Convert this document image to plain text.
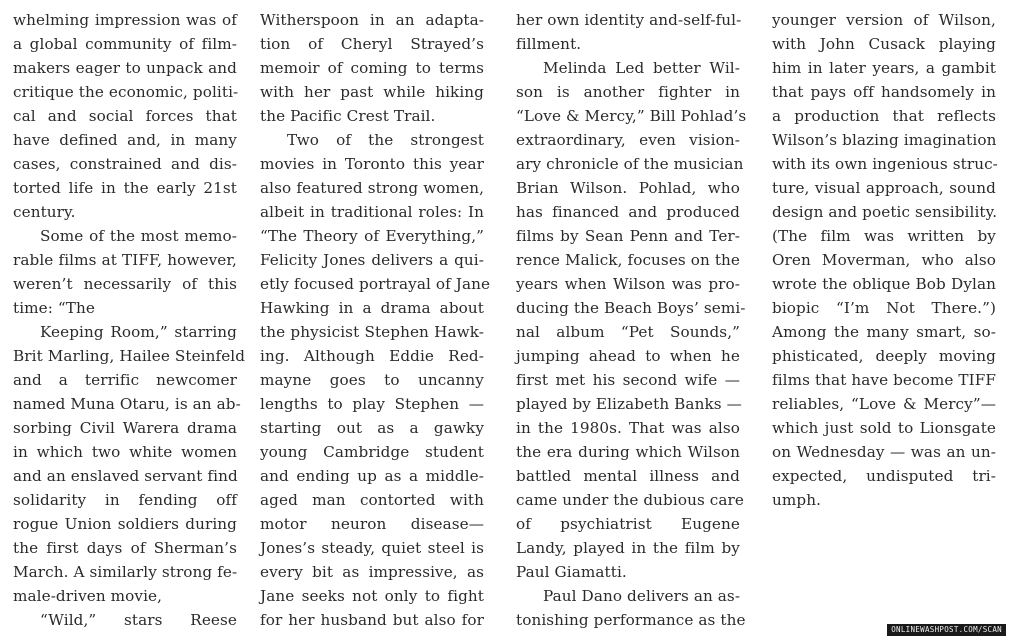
whelming impression was of
a global community of film-
makers eager to unpack and
critique the economic, politi-
cal and social forces that
have defined and, in many
cases, constrained and dis-
torted life in the early 21st
century.
Some of the most memo-
rable films at TIFF, however,
weren’t necessarily of this
time: “The
Keeping Room,” starring
Brit Marling, Hailee Steinfeld
and a terrific newcomer
named Muna Otaru, is an ab-
sorbing Civil Warera drama
in which two white women
and an enslaved servant find
solidarity in fending off
rogue Union soldiers during
the first days of Sherman’s
March. A similarly strong fe-
male-driven movie,
“Wild,” stars Reese
Witherspoon in an adapta-
tion of Cheryl Strayed’s
memoir of coming to terms
with her past while hiking
the Pacific Crest Trail.
Two of the strongest
movies in Toronto this year
also featured strong women,
albeit in traditional roles: In
“The Theory of Everything,”
Felicity Jones delivers a qui-
etly focused portrayal of Jane
Hawking in a drama about
the physicist Stephen Hawk-
ing. Although Eddie Red-
mayne goes to uncanny
lengths to play Stephen —
starting out as a gawky
young Cambridge student
and ending up as a middle-
aged man contorted with
motor neuron disease—
Jones’s steady, quiet steel is
every bit as impressive, as
Jane seeks not only to fight
for her husband but also for
her own identity and-self-ful-
fillment.
Melinda Led better Wil-
son is another fighter in
“Love & Mercy,” Bill Pohlad’s
extraordinary, even vision-
ary chronicle of the musician
Brian Wilson. Pohlad, who
has financed and produced
films by Sean Penn and Ter-
rence Malick, focuses on the
years when Wilson was pro-
ducing the Beach Boys’ semi-
nal album “Pet Sounds,”
jumping ahead to when he
first met his second wife —
played by Elizabeth Banks —
in the 1980s. That was also
the era during which Wilson
battled mental illness and
came under the dubious care
of psychiatrist Eugene
Landy, played in the film by
Paul Giamatti.
Paul Dano delivers an as-
tonishing performance as the
younger version of Wilson,
with John Cusack playing
him in later years, a gambit
that pays off handsomely in
a production that reflects
Wilson’s blazing imagination
with its own ingenious struc-
ture, visual approach, sound
design and poetic sensibility.
(The film was written by
Oren Moverman, who also
wrote the oblique Bob Dylan
biopic “I’m Not There.”)
Among the many smart, so-
phisticated, deeply moving
films that have become TIFF
reliables, “Love & Mercy”—
which just sold to Lionsgate
on Wednesday — was an un-
expected, undisputed tri-
umph.
ONLINEWASHPOST.COM/SCAN
